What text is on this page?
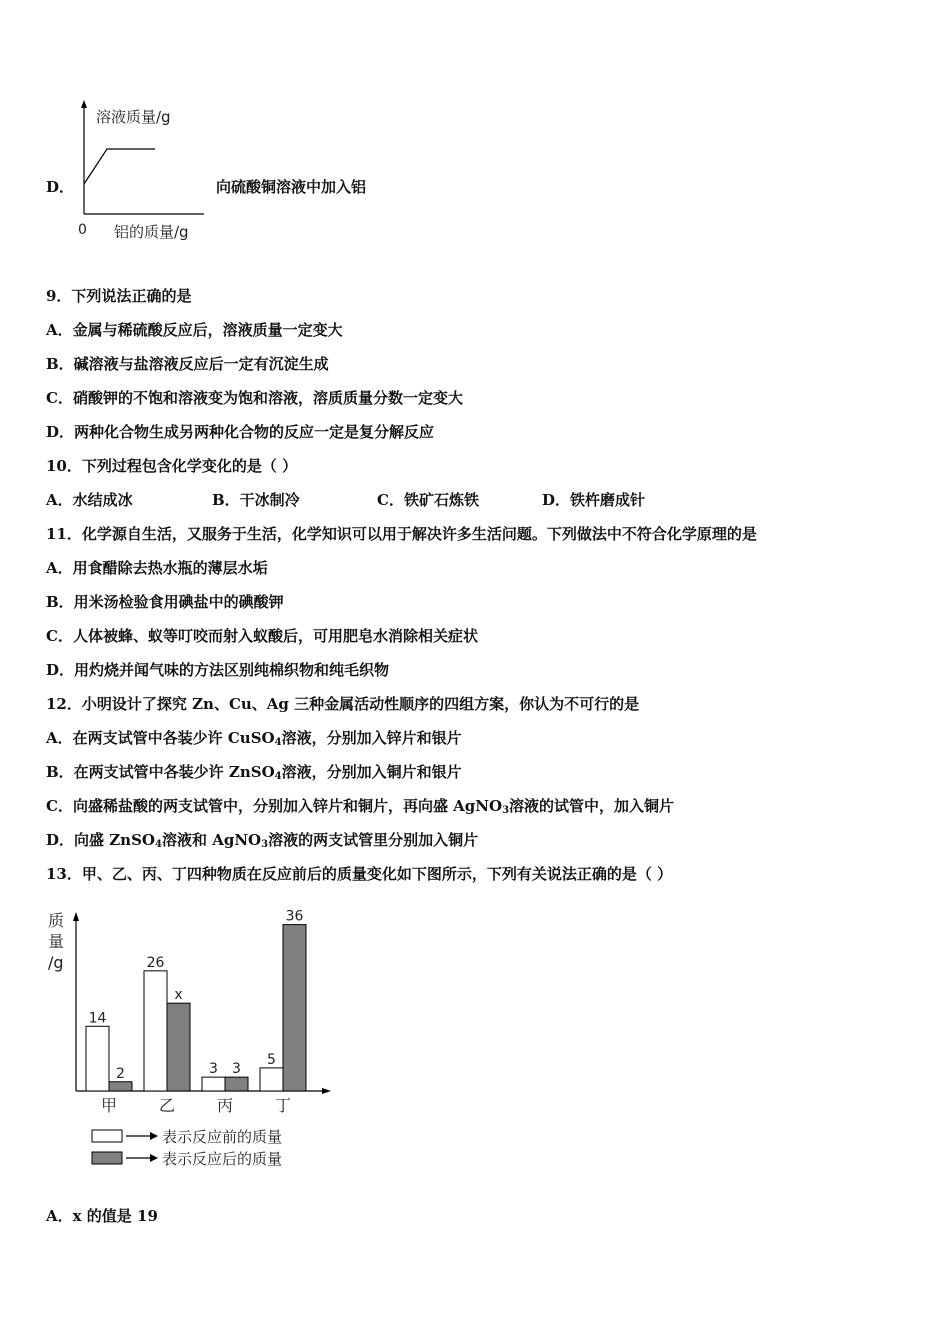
D．
溶液质量/g
0 铝的质量/g
向硫酸铜溶液中加入铝
9．下列说法正确的是
A．金属与稀硫酸反应后，溶液质量一定变大
B．碱溶液与盐溶液反应后一定有沉淀生成
C．硝酸钾的不饱和溶液变为饱和溶液，溶质质量分数一定变大
D．两种化合物生成另两种化合物的反应一定是复分解反应
10．下列过程包含化学变化的是（ ）
A．水结成冰	B．干冰制冷	C．铁矿石炼铁	D．铁杵磨成针
11．化学源自生活，又服务于生活，化学知识可以用于解决许多生活问题。下列做法中不符合化学原理的是
A．用食醋除去热水瓶的薄层水垢
B．用米汤检验食用碘盐中的碘酸钾
C．人体被蜂、蚁等叮咬而射入蚁酸后，可用肥皂水消除相关症状
D．用灼烧并闻气味的方法区别纯棉织物和纯毛织物
12．小明设计了探究 Zn、Cu、Ag 三种金属活动性顺序的四组方案，你认为不可行的是
A．在两支试管中各装少许 CuSO$_4$溶液，分别加入锌片和银片
B．在两支试管中各装少许 ZnSO$_4$溶液，分别加入铜片和银片
C．向盛稀盐酸的两支试管中，分别加入锌片和铜片，再向盛 AgNO$_3$溶液的试管中，加入铜片
D．向盛 ZnSO$_4$溶液和 AgNO$_3$溶液的两支试管里分别加入铜片
13．甲、乙、丙、丁四种物质在反应前后的质量变化如下图所示，下列有关说法正确的是（ ）
质
量
/g
14
2
甲
26
x
乙
3 3
丙
5
36
丁
表示反应前的质量
表示反应后的质量
A．x 的值是 19
